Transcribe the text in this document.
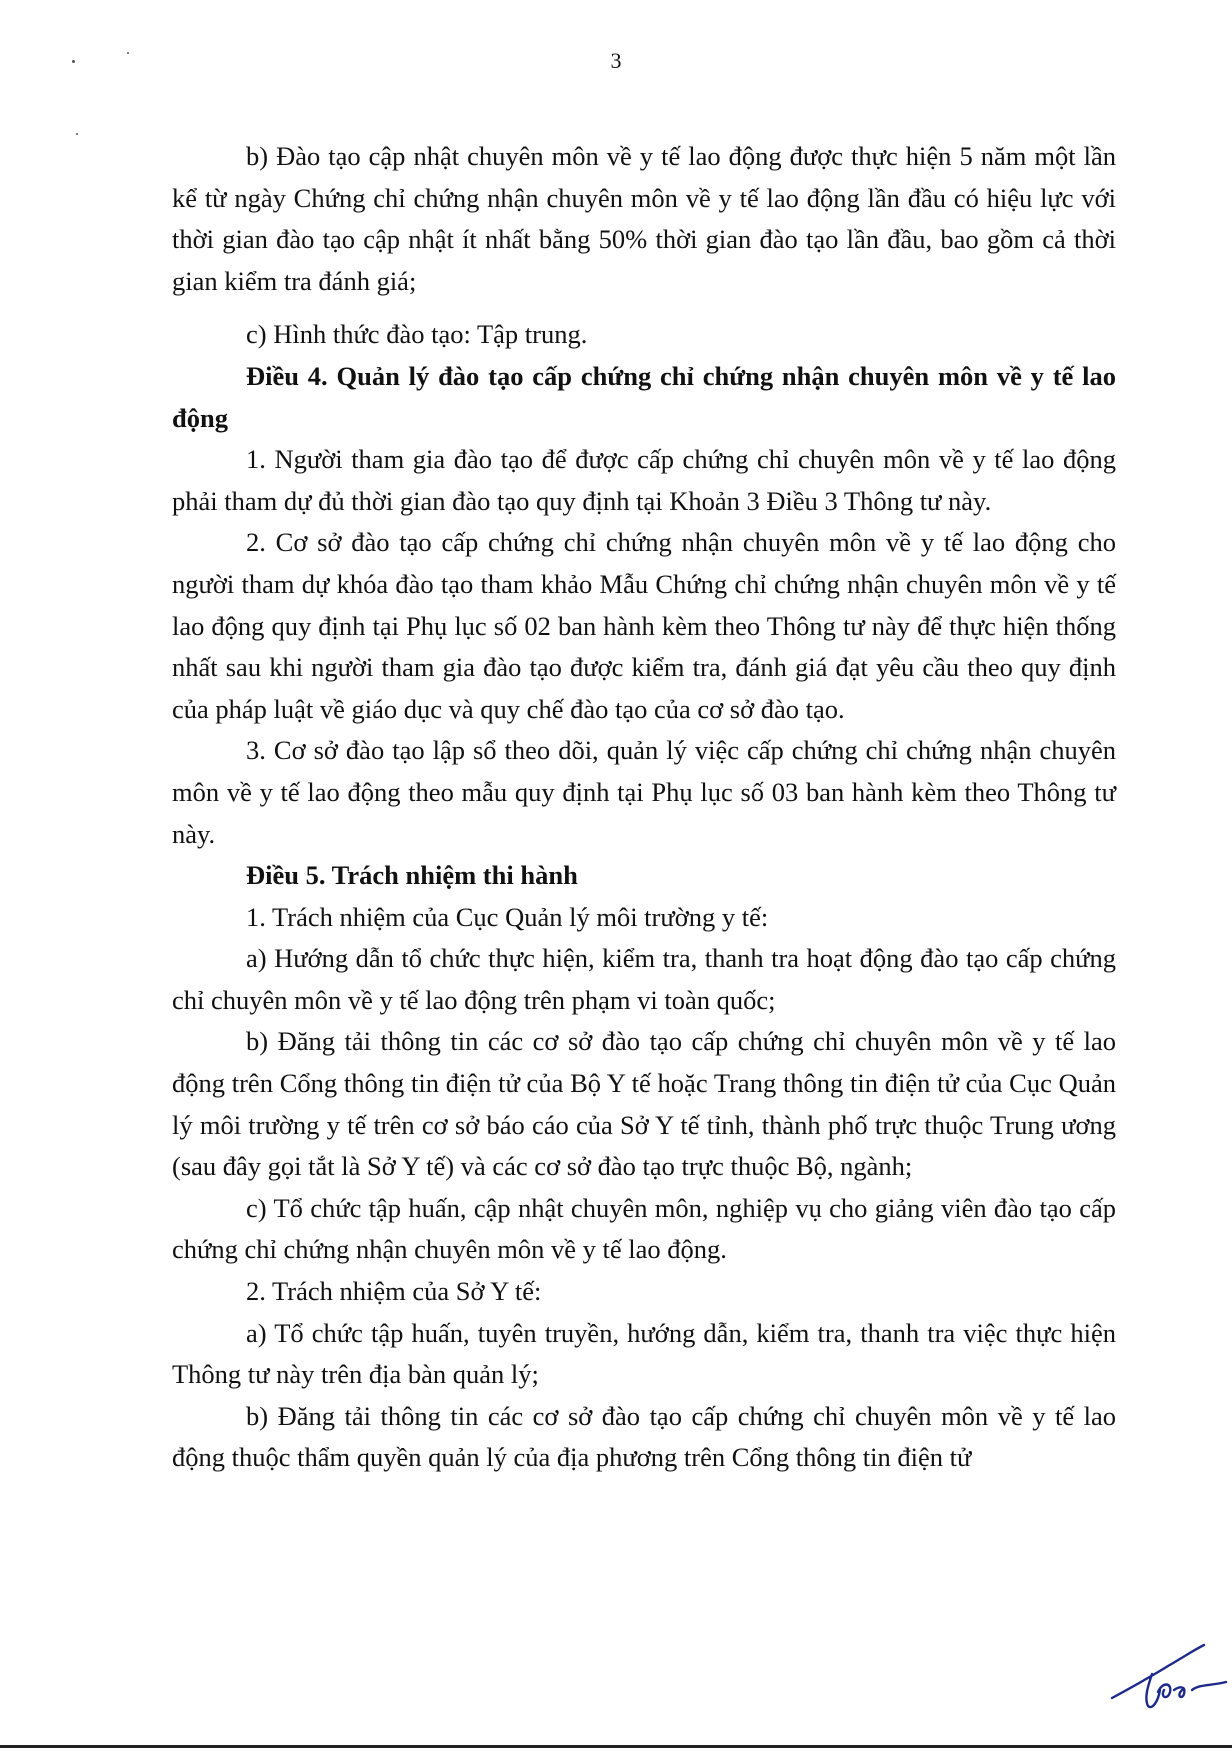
3

b) Đào tạo cập nhật chuyên môn về y tế lao động được thực hiện 5 năm một lần kể từ ngày Chứng chỉ chứng nhận chuyên môn về y tế lao động lần đầu có hiệu lực với thời gian đào tạo cập nhật ít nhất bằng 50% thời gian đào tạo lần đầu, bao gồm cả thời gian kiểm tra đánh giá;

c) Hình thức đào tạo: Tập trung.

Điều 4. Quản lý đào tạo cấp chứng chỉ chứng nhận chuyên môn về y tế lao động

1. Người tham gia đào tạo để được cấp chứng chỉ chuyên môn về y tế lao động phải tham dự đủ thời gian đào tạo quy định tại Khoản 3 Điều 3 Thông tư này.

2. Cơ sở đào tạo cấp chứng chỉ chứng nhận chuyên môn về y tế lao động cho người tham dự khóa đào tạo tham khảo Mẫu Chứng chỉ chứng nhận chuyên môn về y tế lao động quy định tại Phụ lục số 02 ban hành kèm theo Thông tư này để thực hiện thống nhất sau khi người tham gia đào tạo được kiểm tra, đánh giá đạt yêu cầu theo quy định của pháp luật về giáo dục và quy chế đào tạo của cơ sở đào tạo.

3. Cơ sở đào tạo lập sổ theo dõi, quản lý việc cấp chứng chỉ chứng nhận chuyên môn về y tế lao động theo mẫu quy định tại Phụ lục số 03 ban hành kèm theo Thông tư này.

Điều 5. Trách nhiệm thi hành

1. Trách nhiệm của Cục Quản lý môi trường y tế:

a) Hướng dẫn tổ chức thực hiện, kiểm tra, thanh tra hoạt động đào tạo cấp chứng chỉ chuyên môn về y tế lao động trên phạm vi toàn quốc;

b) Đăng tải thông tin các cơ sở đào tạo cấp chứng chỉ chuyên môn về y tế lao động trên Cổng thông tin điện tử của Bộ Y tế hoặc Trang thông tin điện tử của Cục Quản lý môi trường y tế trên cơ sở báo cáo của Sở Y tế tỉnh, thành phố trực thuộc Trung ương (sau đây gọi tắt là Sở Y tế) và các cơ sở đào tạo trực thuộc Bộ, ngành;

c) Tổ chức tập huấn, cập nhật chuyên môn, nghiệp vụ cho giảng viên đào tạo cấp chứng chỉ chứng nhận chuyên môn về y tế lao động.

2. Trách nhiệm của Sở Y tế:

a) Tổ chức tập huấn, tuyên truyền, hướng dẫn, kiểm tra, thanh tra việc thực hiện Thông tư này trên địa bàn quản lý;

b) Đăng tải thông tin các cơ sở đào tạo cấp chứng chỉ chuyên môn về y tế lao động thuộc thẩm quyền quản lý của địa phương trên Cổng thông tin điện tử
